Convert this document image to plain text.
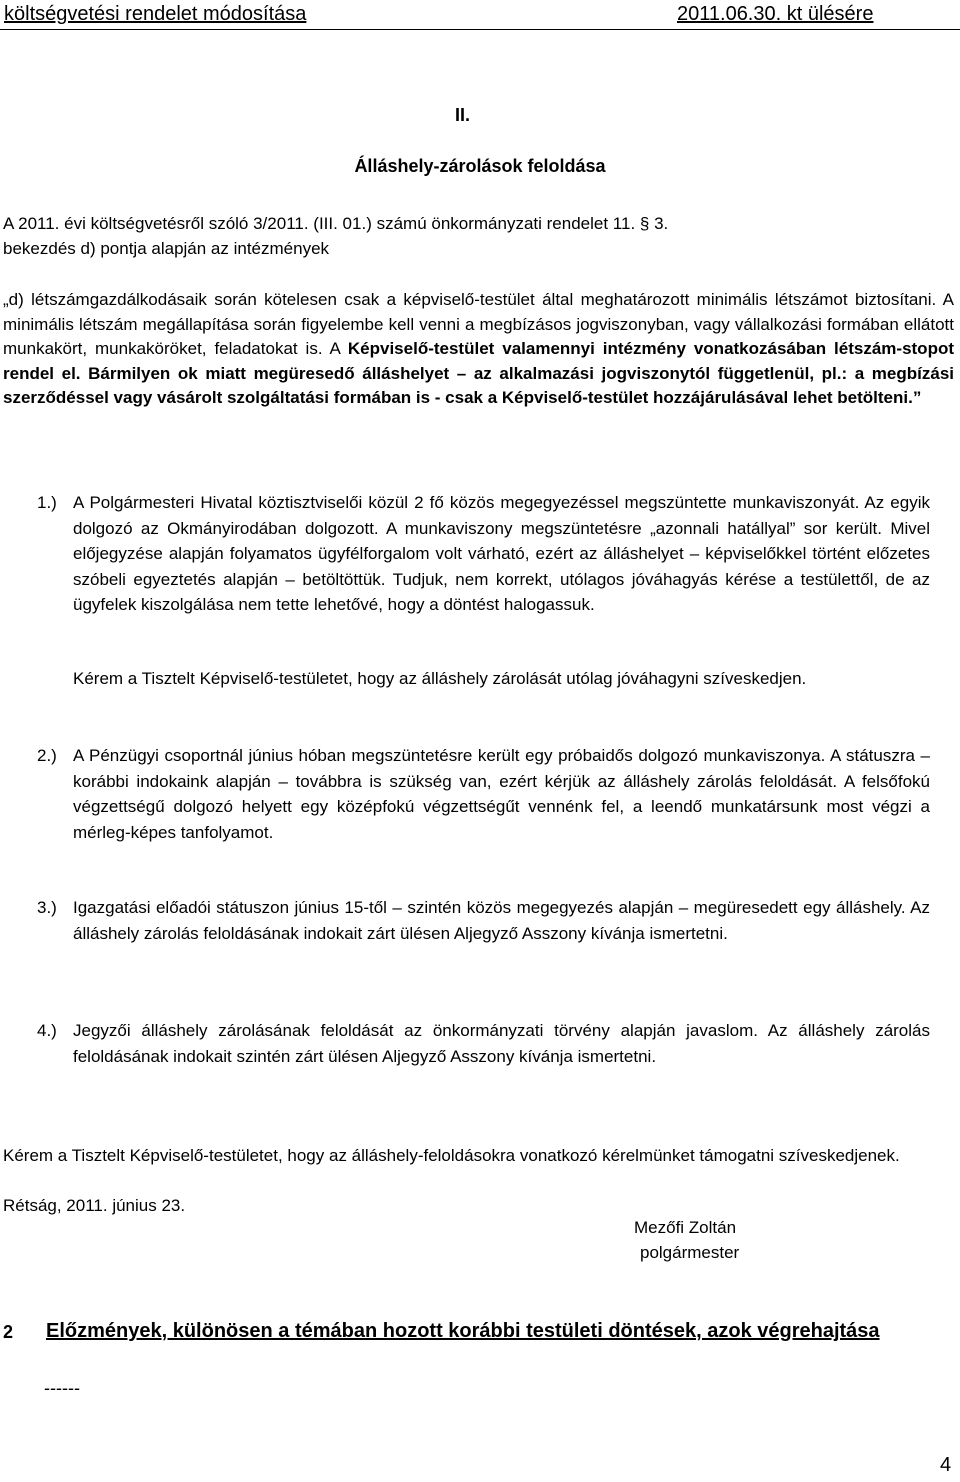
költségvetési rendelet módosítása	2011.06.30. kt ülésére
II.
Álláshely-zárolások feloldása
A 2011. évi költségvetésről szóló 3/2011. (III. 01.) számú önkormányzati rendelet 11. § 3.
bekezdés d) pontja alapján az intézmények
„d) létszámgazdálkodásaik során kötelesen csak a képviselő-testület által meghatározott minimális létszámot biztosítani. A minimális létszám megállapítása során figyelembe kell venni a megbízásos jogviszonyban, vagy vállalkozási formában ellátott munkakört, munkaköröket, feladatokat is. A Képviselő-testület valamennyi intézmény vonatkozásában létszám-stopot rendel el. Bármilyen ok miatt megüresedő álláshelyet – az alkalmazási jogviszonytól függetlenül, pl.: a megbízási szerződéssel vagy vásárolt szolgáltatási formában is - csak a Képviselő-testület hozzájárulásával lehet betölteni.”
1.) A Polgármesteri Hivatal köztisztviselői közül 2 fő közös megegyezéssel megszüntette munkaviszonyát. Az egyik dolgozó az Okmányirodában dolgozott. A munkaviszony megszüntetésre „azonnali hatállyal” sor került. Mivel előjegyzése alapján folyamatos ügyfélforgalom volt várható, ezért az álláshelyet – képviselőkkel történt előzetes szóbeli egyeztetés alapján – betöltöttük. Tudjuk, nem korrekt, utólagos jóváhagyás kérése a testülettől, de az ügyfelek kiszolgálása nem tette lehetővé, hogy a döntést halogassuk.
Kérem a Tisztelt Képviselő-testületet, hogy az álláshely zárolását utólag jóváhagyni szíveskedjen.
2.) A Pénzügyi csoportnál június hóban megszüntetésre került egy próbaidős dolgozó munkaviszonya. A státuszra – korábbi indokaink alapján – továbbra is szükség van, ezért kérjük az álláshely zárolás feloldását. A felsőfokú végzettségű dolgozó helyett egy középfokú végzettségűt vennénk fel, a leendő munkatársunk most végzi a mérleg-képes tanfolyamot.
3.) Igazgatási előadói státuszon június 15-től – szintén közös megegyezés alapján – megüresedett egy álláshely. Az álláshely zárolás feloldásának indokait zárt ülésen Aljegyző Asszony kívánja ismertetni.
4.) Jegyzői álláshely zárolásának feloldását az önkormányzati törvény alapján javaslom. Az álláshely zárolás feloldásának indokait szintén zárt ülésen Aljegyző Asszony kívánja ismertetni.
Kérem a Tisztelt Képviselő-testületet, hogy az álláshely-feloldásokra vonatkozó kérelmünket támogatni szíveskedjenek.
Rétság, 2011. június 23.
Mezőfi Zoltán
polgármester
2 Előzmények, különösen a témában hozott korábbi testületi döntések, azok végrehajtása
------
4
